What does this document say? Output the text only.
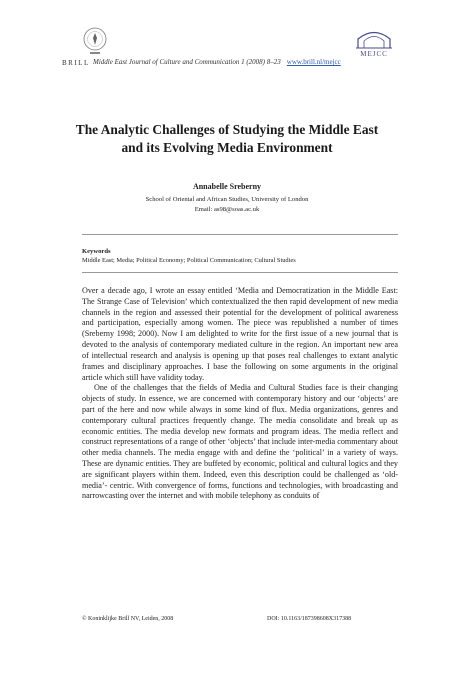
BRILL Middle East Journal of Culture and Communication 1 (2008) 8–23 www.brill.nl/mejcc
MEJCC
The Analytic Challenges of Studying the Middle East
and its Evolving Media Environment
Annabelle Sreberny
School of Oriental and African Studies, University of London
Email: as98@soas.ac.uk
Keywords
Middle East; Media; Political Economy; Political Communication; Cultural Studies

Over a decade ago, I wrote an essay entitled ‘Media and Democratization in the Middle East: The Strange Case of Television’ which contextualized the then rapid development of new media channels in the region and assessed their potential for the development of political awareness and participation, especially among women. The piece was republished a number of times (Sreberny 1998; 2000). Now I am delighted to write for the first issue of a new journal that is devoted to the analysis of contemporary mediated culture in the region. An important new area of intellectual research and analysis is opening up that poses real challenges to extant analytic frames and disciplinary approaches. I base the following on some arguments in the original article which still have validity today.

One of the challenges that the fields of Media and Cultural Studies face is their changing objects of study. In essence, we are concerned with contemporary history and our ‘objects’ are part of the here and now while always in some kind of flux. Media organizations, genres and contemporary cultural practices frequently change. The media consolidate and break up as economic entities. The media develop new formats and program ideas. The media reflect and construct representations of a range of other ‘objects’ that include inter-media commentary about other media channels. The media engage with and define the ‘political’ in a variety of ways. These are dynamic entities. They are buffeted by economic, political and cultural logics and they are significant players within them. Indeed, even this description could be challenged as ‘old-media’- centric. With convergence of forms, functions and technologies, with broadcasting and narrowcasting over the internet and with mobile telephony as conduits of

© Koninklijke Brill NV, Leiden, 2008	DOI: 10.1163/187398608X317388
